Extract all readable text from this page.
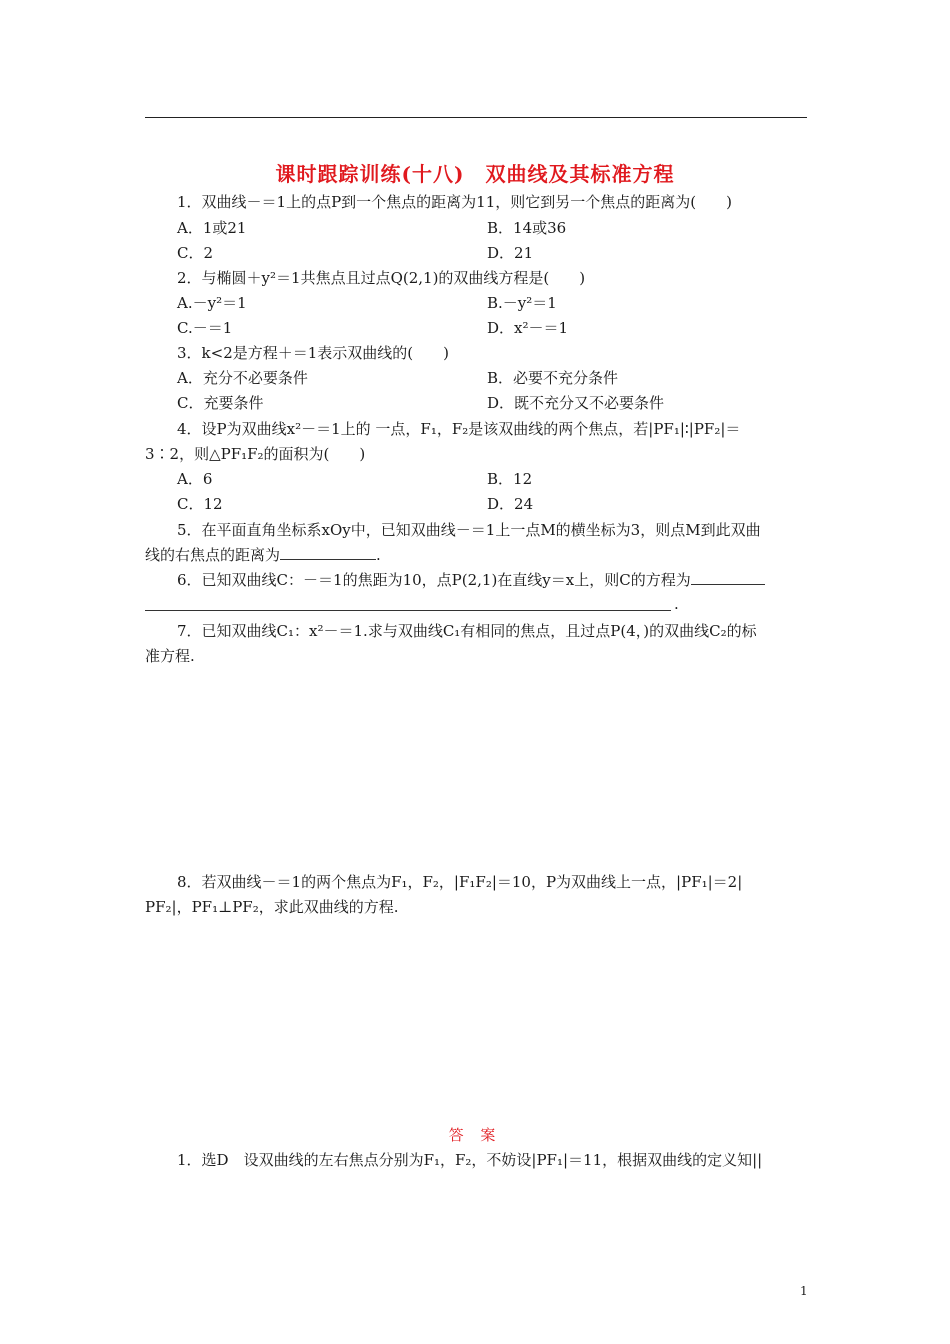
课时跟踪训练(十八)　双曲线及其标准方程
1．双曲线－＝1上的点P到一个焦点的距离为11，则它到另一个焦点的距离为(　　)
A．1或21	B．14或36
C．2	D．21
2．与椭圆＋y²＝1共焦点且过点Q(2,1)的双曲线方程是(　　)
A.－y²＝1	B.－y²＝1
C.－＝1	D．x²－＝1
3．k<2是方程＋＝1表示双曲线的(　　)
A．充分不必要条件	B．必要不充分条件
C．充要条件	D．既不充分又不必要条件
4．设P为双曲线x²－＝1上的 一点，F₁，F₂是该双曲线的两个焦点，若|PF₁|∶|PF₂|＝
3∶2，则△PF₁F₂的面积为(　　)
A．6	B．12
C．12	D．24
5．在平面直角坐标系xOy中，已知双曲线－＝1上一点M的横坐标为3，则点M到此双曲
线的右焦点的距离为	.
6．已知双曲线C：－＝1的焦距为10，点P(2,1)在直线y＝x上，则C的方程为
.
7．已知双曲线C₁：x²－＝1.求与双曲线C₁有相同的焦点，且过点P(4，)的双曲线C₂的标
准方程.
8．若双曲线－＝1的两个焦点为F₁，F₂，|F₁F₂|＝10，P为双曲线上一点，|PF₁|＝2|
PF₂|，PF₁⊥PF₂，求此双曲线的方程.
答 案
1．选D　设双曲线的左右焦点分别为F₁，F₂，不妨设|PF₁|＝11，根据双曲线的定义知||
1
